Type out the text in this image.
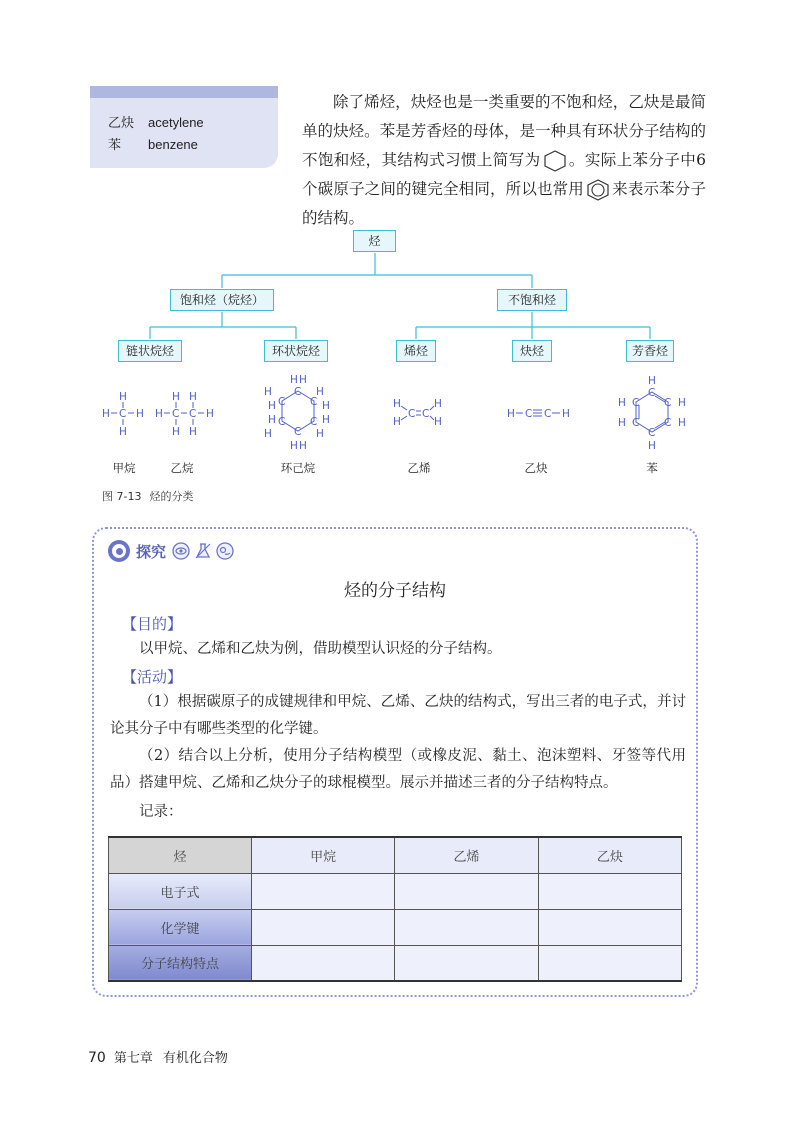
乙炔 acetylene
苯 benzene

除了烯烃，炔烃也是一类重要的不饱和烃，乙炔是最简单的炔烃。苯是芳香烃的母体，是一种具有环状分子结构的不饱和烃，其结构式习惯上简写为 。实际上苯分子中6个碳原子之间的键完全相同，所以也常用 来表示苯分子的结构。

烃
饱和烃（烷烃）	不饱和烃
链状烷烃	环状烷烃	烯烃	炔烃	芳香烃
H
H
H C H
H H
H C C H
H H
C
C
C
C
C
C
H H
H H
H
H
H
H
H
H
H
H
H
H
C C
H
H
H C C H
C
C
C
C
C
C
H
H
H
H
H
H
甲烷	乙烷	环己烷	乙烯	乙炔	苯
图 7-13 烃的分类
探究
烃的分子结构
【目的】
以甲烷、乙烯和乙炔为例，借助模型认识烃的分子结构。
【活动】
（1）根据碳原子的成键规律和甲烷、乙烯、乙炔的结构式，写出三者的电子式，并讨论其分子中有哪些类型的化学键。
（2）结合以上分析，使用分子结构模型（或橡皮泥、黏土、泡沫塑料、牙签等代用品）搭建甲烷、乙烯和乙炔分子的球棍模型。展示并描述三者的分子结构特点。
记录：
烃	甲烷	乙烯	乙炔
电子式			
化学键			
分子结构特点			
70 第七章 有机化合物
